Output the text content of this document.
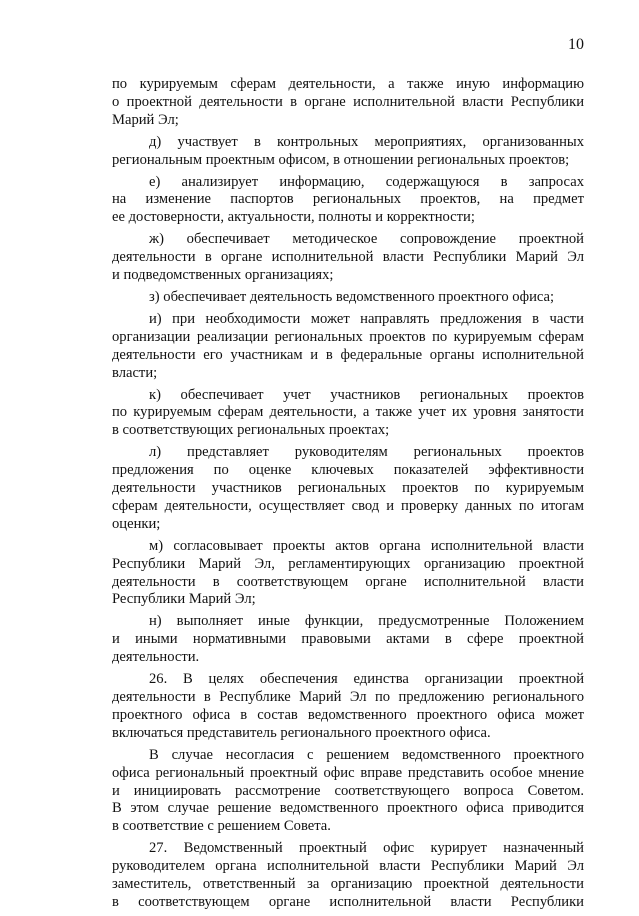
10
по курируемым сферам деятельности, а также иную информацию
о проектной деятельности в органе исполнительной власти Республики
Марий Эл;
д) участвует в контрольных мероприятиях, организованных
региональным проектным офисом, в отношении региональных проектов;
е) анализирует информацию, содержащуюся в запросах
на изменение паспортов региональных проектов, на предмет
ее достоверности, актуальности, полноты и корректности;
ж) обеспечивает методическое сопровождение проектной
деятельности в органе исполнительной власти Республики Марий Эл
и подведомственных организациях;
з) обеспечивает деятельность ведомственного проектного офиса;
и) при необходимости может направлять предложения в части
организации реализации региональных проектов по курируемым сферам
деятельности его участникам и в федеральные органы исполнительной
власти;
к) обеспечивает учет участников региональных проектов
по курируемым сферам деятельности, а также учет их уровня занятости
в соответствующих региональных проектах;
л) представляет руководителям региональных проектов
предложения по оценке ключевых показателей эффективности
деятельности участников региональных проектов по курируемым
сферам деятельности, осуществляет свод и проверку данных по итогам
оценки;
м) согласовывает проекты актов органа исполнительной власти
Республики Марий Эл, регламентирующих организацию проектной
деятельности в соответствующем органе исполнительной власти
Республики Марий Эл;
н) выполняет иные функции, предусмотренные Положением
и иными нормативными правовыми актами в сфере проектной
деятельности.
26. В целях обеспечения единства организации проектной
деятельности в Республике Марий Эл по предложению регионального
проектного офиса в состав ведомственного проектного офиса может
включаться представитель регионального проектного офиса.
В случае несогласия с решением ведомственного проектного
офиса региональный проектный офис вправе представить особое мнение
и инициировать рассмотрение соответствующего вопроса Советом.
В этом случае решение ведомственного проектного офиса приводится
в соответствие с решением Совета.
27. Ведомственный проектный офис курирует назначенный
руководителем органа исполнительной власти Республики Марий Эл
заместитель, ответственный за организацию проектной деятельности
в соответствующем органе исполнительной власти Республики
